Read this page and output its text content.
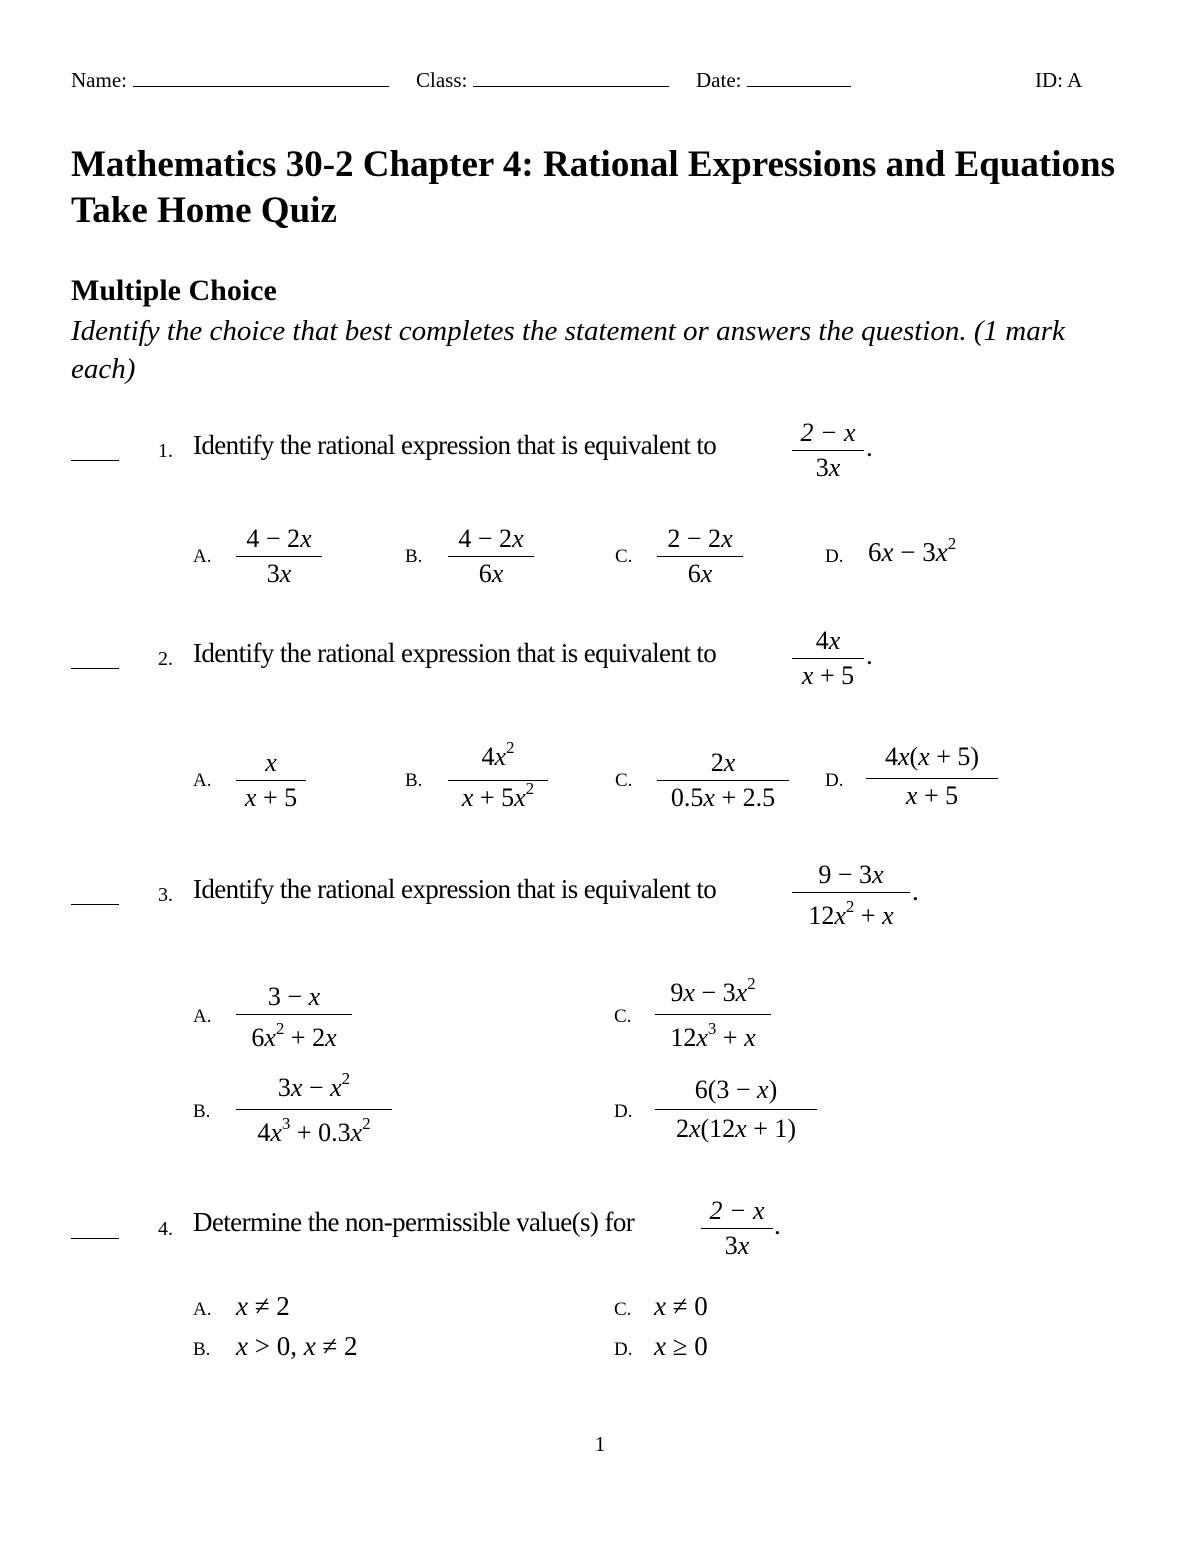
Name:	Class:	Date:	ID: A
Mathematics 30-2 Chapter 4: Rational Expressions and Equations Take Home Quiz
Multiple Choice
Identify the choice that best completes the statement or answers the question. (1 mark each)
1. Identify the rational expression that is equivalent to	2 − x
3x
.
A.
4 − 2x
3x
B.
4 − 2x
6x
C.
2 − 2x
6x
D. $6x - 3x^2$
2. Identify the rational expression that is equivalent to	4x
x + 5
.
A.
x
x + 5
B.
$4x^2$
$x + 5x^2$	C.
2x
0.5x + 2.5
D.
4x(x + 5)
x + 5
3. Identify the rational expression that is equivalent to	9 − 3x
$12x^2 + x$
.
A.
3 − x
$6x^2 + 2x$
B.
$3x - x^2$
$4x^3 + 0.3x^2$
C.
$9x - 3x^2$
$12x^3 + x$
D.
6(3 − x)
2x(12x + 1)
4. Determine the non-permissible value(s) for	2 − x
3x
.
A. x ≠ 2
B. x > 0, x ≠ 2
C. x ≠ 0
D. x ≥ 0
1
